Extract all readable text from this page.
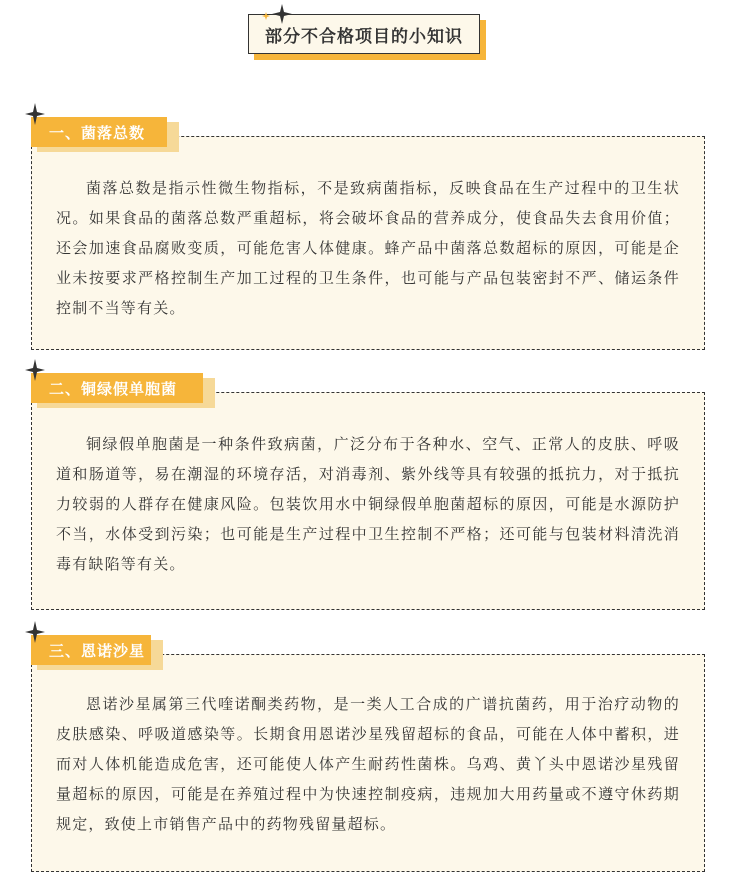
部分不合格项目的小知识
菌落总数是指示性微生物指标，不是致病菌指标，反映食品在生产过程中的卫生状况。如果食品的菌落总数严重超标，将会破坏食品的营养成分，使食品失去食用价值；还会加速食品腐败变质，可能危害人体健康。蜂产品中菌落总数超标的原因，可能是企业未按要求严格控制生产加工过程的卫生条件，也可能与产品包装密封不严、储运条件控制不当等有关。
一、菌落总数
铜绿假单胞菌是一种条件致病菌，广泛分布于各种水、空气、正常人的皮肤、呼吸道和肠道等，易在潮湿的环境存活，对消毒剂、紫外线等具有较强的抵抗力，对于抵抗力较弱的人群存在健康风险。包装饮用水中铜绿假单胞菌超标的原因，可能是水源防护不当，水体受到污染；也可能是生产过程中卫生控制不严格；还可能与包装材料清洗消毒有缺陷等有关。
二、铜绿假单胞菌
恩诺沙星属第三代喹诺酮类药物，是一类人工合成的广谱抗菌药，用于治疗动物的皮肤感染、呼吸道感染等。长期食用恩诺沙星残留超标的食品，可能在人体中蓄积，进而对人体机能造成危害，还可能使人体产生耐药性菌株。乌鸡、黄丫头中恩诺沙星残留量超标的原因，可能是在养殖过程中为快速控制疫病，违规加大用药量或不遵守休药期规定，致使上市销售产品中的药物残留量超标。
三、恩诺沙星
